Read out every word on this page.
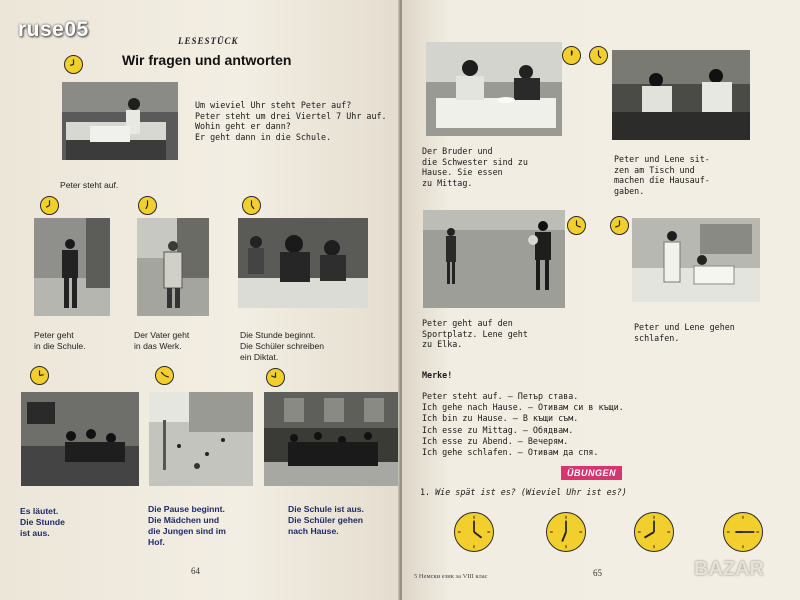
LESESTÜCK
Wir fragen und antworten
Um wieviel Uhr steht Peter auf?
Peter steht um drei Viertel 7 Uhr auf.
Wohin geht er dann?
Er geht dann in die Schule.
Peter steht auf.
Peter geht
in die Schule.
Der Vater geht
in das Werk.
Die Stunde beginnt.
Die Schüler schreiben
ein Diktat.
Es läutet.
Die Stunde
ist aus.
Die Pause beginnt.
Die Mädchen und
die Jungen sind im
Hof.
Die Schule ist aus.
Die Schüler gehen
nach Hause.
64
Der Bruder und
die Schwester sind zu
Hause. Sie essen
zu Mittag.
Peter und Lene sit-
zen am Tisch und
machen die Hausauf-
gaben.
Peter geht auf den
Sportplatz. Lene geht
zu Elka.
Peter und Lene gehen
schlafen.
Merke!
Peter steht auf. — Петър става.
Ich gehe nach Hause. — Отивам си в къщи.
Ich bin zu Hause. — В къщи съм.
Ich esse zu Mittag. — Обядвам.
Ich esse zu Abend. — Вечерям.
Ich gehe schlafen. — Отивам да спя.
ÜBUNGEN
1. Wie spät ist es? (Wieviel Uhr ist es?)
5 Немски език за VIII клас	65	BAZAR
ruse05
